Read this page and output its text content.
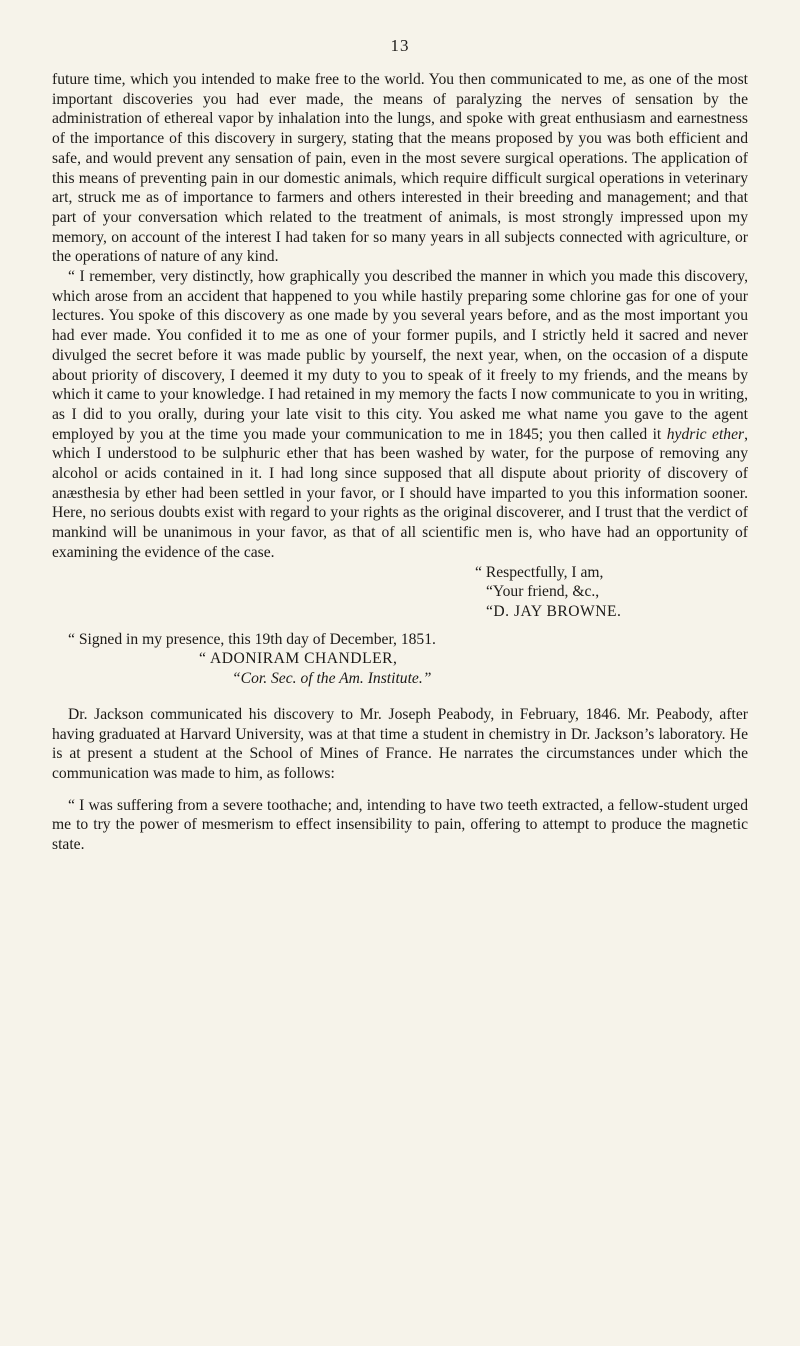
13

future time, which you intended to make free to the world. You then communicated to me, as one of the most important discoveries you had ever made, the means of paralyzing the nerves of sensation by the administration of ethereal vapor by inhalation into the lungs, and spoke with great enthusiasm and earnestness of the importance of this discovery in surgery, stating that the means proposed by you was both efficient and safe, and would prevent any sensation of pain, even in the most severe surgical operations. The application of this means of preventing pain in our domestic animals, which require difficult surgical operations in veterinary art, struck me as of importance to farmers and others interested in their breeding and management; and that part of your conversation which related to the treatment of animals, is most strongly impressed upon my memory, on account of the interest I had taken for so many years in all subjects connected with agriculture, or the operations of nature of any kind.

“ I remember, very distinctly, how graphically you described the manner in which you made this discovery, which arose from an accident that happened to you while hastily preparing some chlorine gas for one of your lectures. You spoke of this discovery as one made by you several years before, and as the most important you had ever made. You confided it to me as one of your former pupils, and I strictly held it sacred and never divulged the secret before it was made public by yourself, the next year, when, on the occasion of a dispute about priority of discovery, I deemed it my duty to you to speak of it freely to my friends, and the means by which it came to your knowledge. I had retained in my memory the facts I now communicate to you in writing, as I did to you orally, during your late visit to this city. You asked me what name you gave to the agent employed by you at the time you made your communication to me in 1845; you then called it hydric ether, which I understood to be sulphuric ether that has been washed by water, for the purpose of removing any alcohol or acids contained in it. I had long since supposed that all dispute about priority of discovery of anæsthesia by ether had been settled in your favor, or I should have imparted to you this information sooner. Here, no serious doubts exist with regard to your rights as the original discoverer, and I trust that the verdict of mankind will be unanimous in your favor, as that of all scientific men is, who have had an opportunity of examining the evidence of the case.

“ Respectfully, I am,

“Your friend, &c.,

“D. JAY BROWNE.

“ Signed in my presence, this 19th day of December, 1851.

“ ADONIRAM CHANDLER,

“Cor. Sec. of the Am. Institute.”

Dr. Jackson communicated his discovery to Mr. Joseph Peabody, in February, 1846. Mr. Peabody, after having graduated at Harvard University, was at that time a student in chemistry in Dr. Jackson’s laboratory. He is at present a student at the School of Mines of France. He narrates the circumstances under which the communication was made to him, as follows:

“ I was suffering from a severe toothache; and, intending to have two teeth extracted, a fellow-student urged me to try the power of mesmerism to effect insensibility to pain, offering to attempt to produce the magnetic state.
